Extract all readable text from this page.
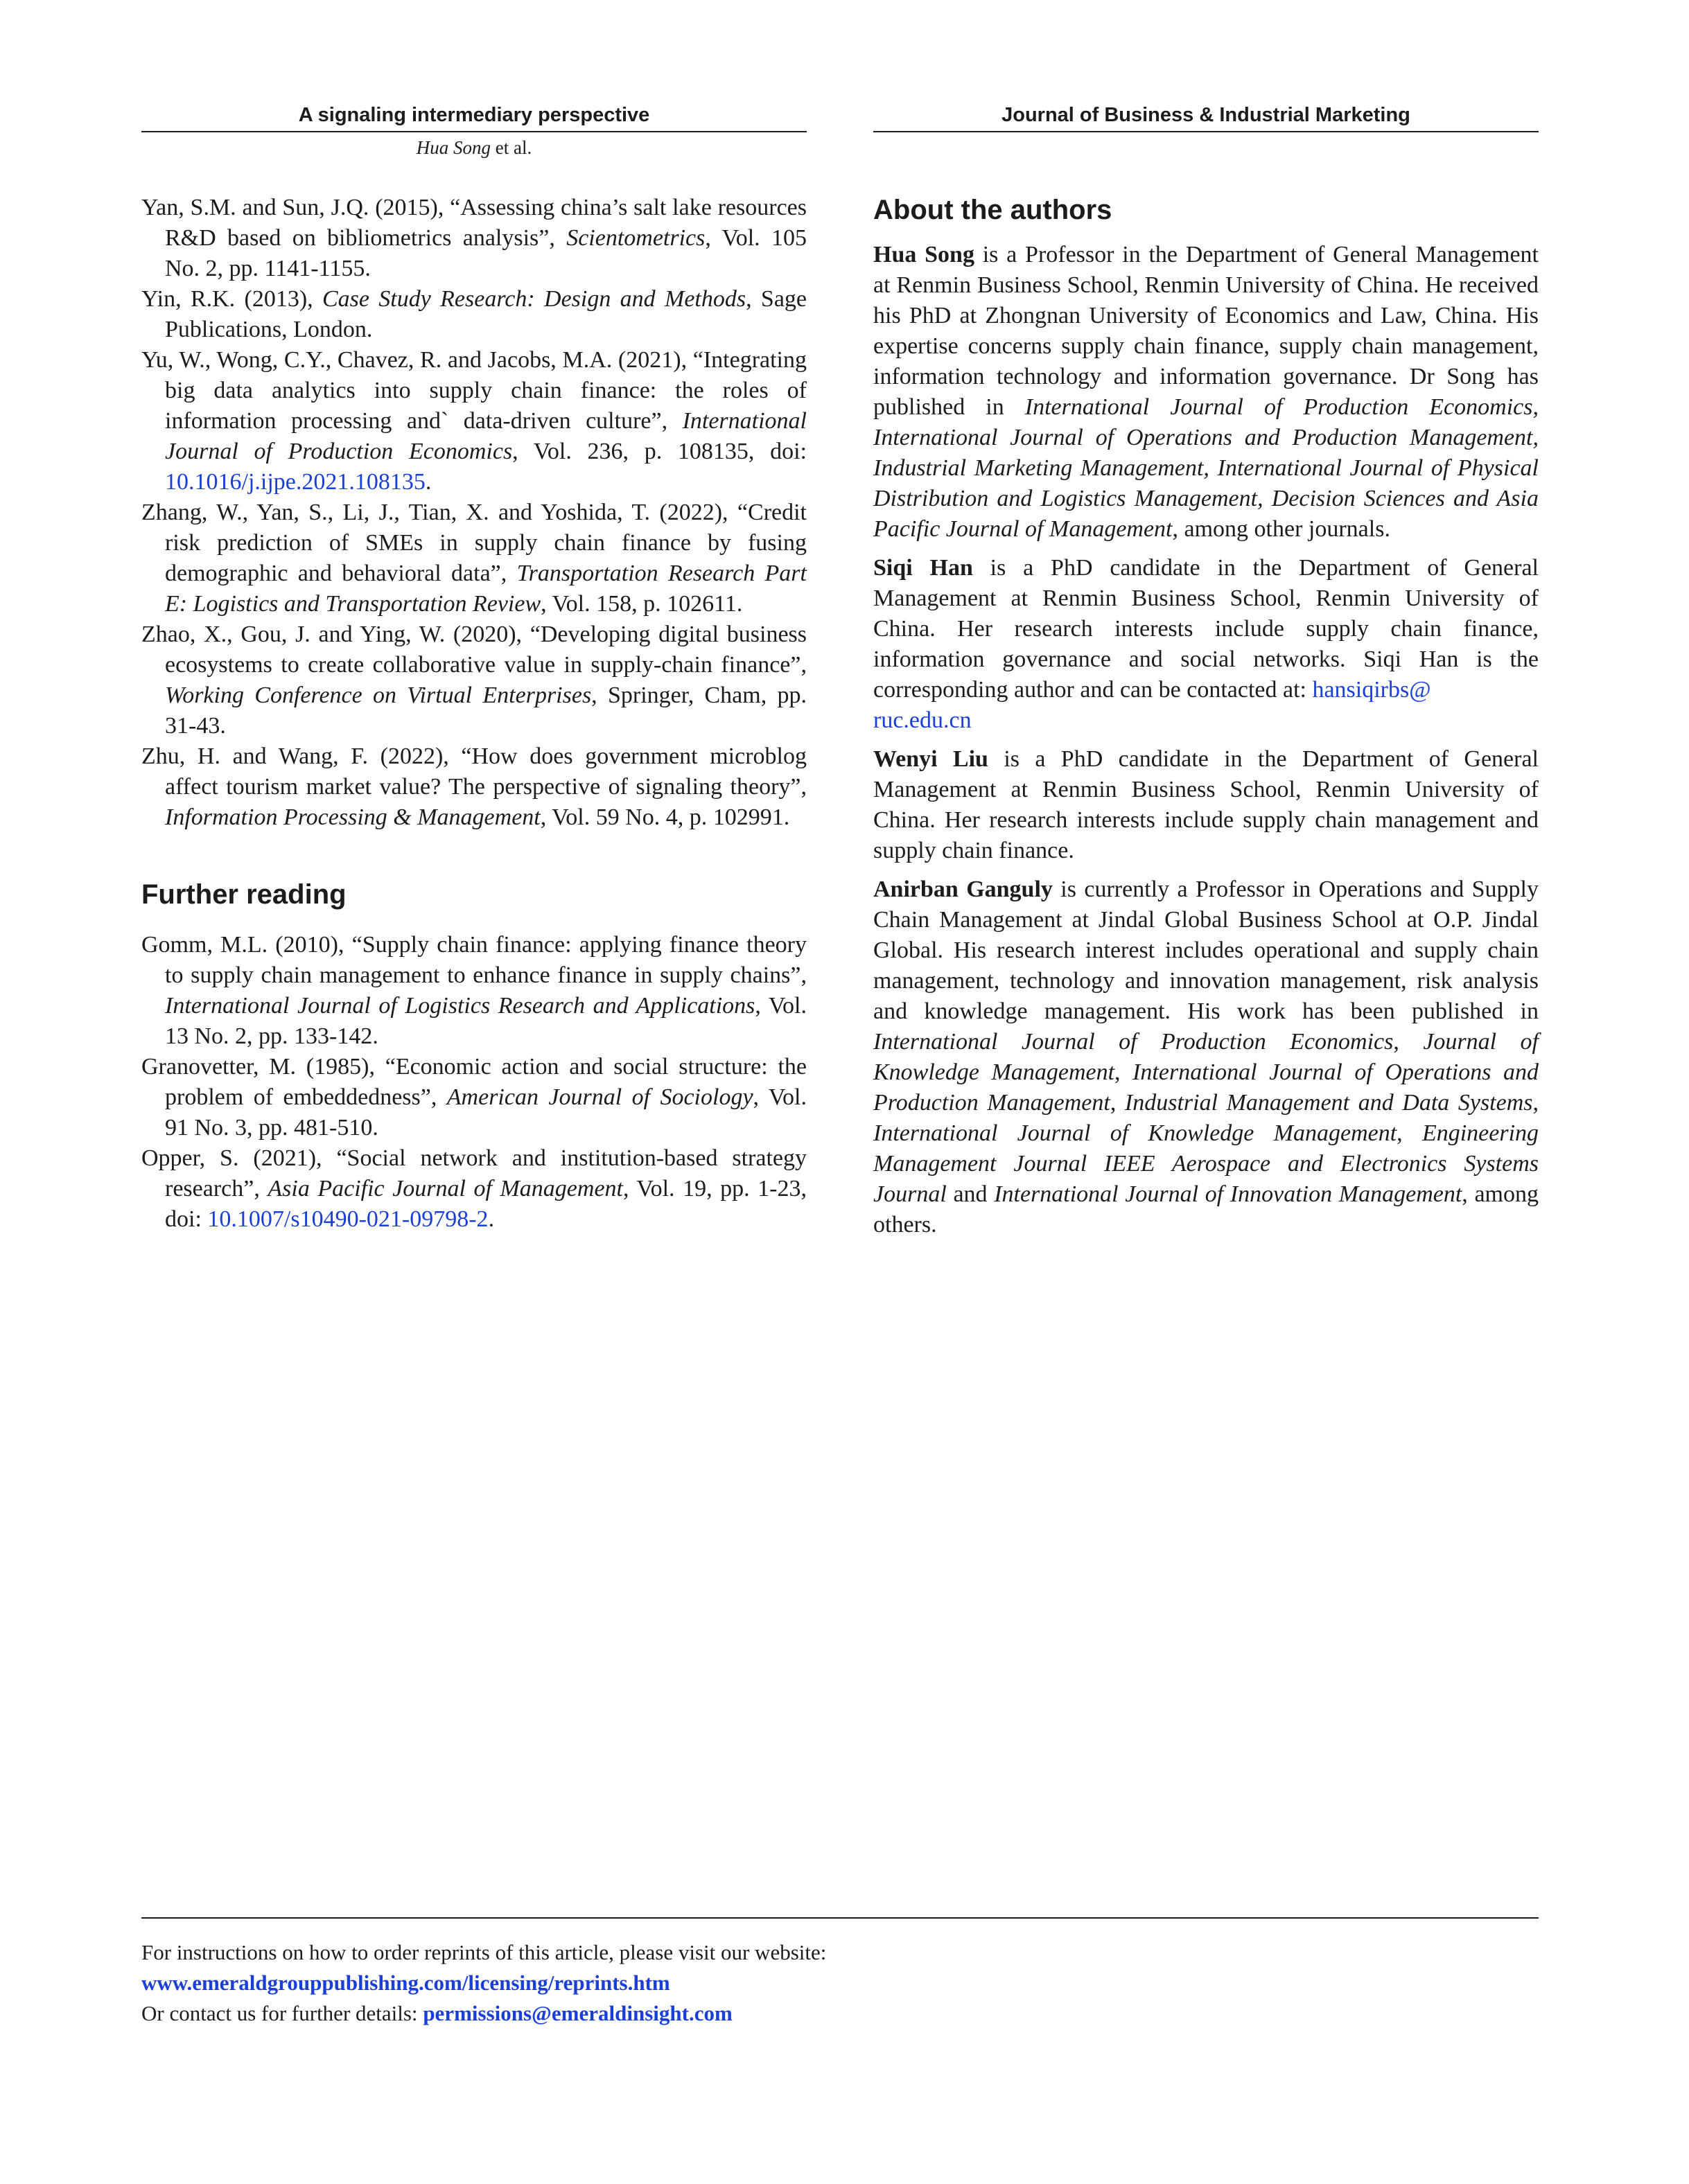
A signaling intermediary perspective
Hua Song et al.
Journal of Business & Industrial Marketing

Yan, S.M. and Sun, J.Q. (2015), “Assessing china’s salt lake resources R&D based on bibliometrics analysis”, Scientometrics, Vol. 105 No. 2, pp. 1141-1155.

Yin, R.K. (2013), Case Study Research: Design and Methods, Sage Publications, London.

Yu, W., Wong, C.Y., Chavez, R. and Jacobs, M.A. (2021), “Integrating big data analytics into supply chain finance: the roles of information processing and` data-driven culture”, International Journal of Production Economics, Vol. 236, p. 108135, doi: 10.1016/j.ijpe.2021.108135.

Zhang, W., Yan, S., Li, J., Tian, X. and Yoshida, T. (2022), “Credit risk prediction of SMEs in supply chain finance by fusing demographic and behavioral data”, Transportation Research Part E: Logistics and Transportation Review, Vol. 158, p. 102611.

Zhao, X., Gou, J. and Ying, W. (2020), “Developing digital business ecosystems to create collaborative value in supply-chain finance”, Working Conference on Virtual Enterprises, Springer, Cham, pp. 31-43.

Zhu, H. and Wang, F. (2022), “How does government microblog affect tourism market value? The perspective of signaling theory”, Information Processing & Management, Vol. 59 No. 4, p. 102991.

Further reading

Gomm, M.L. (2010), “Supply chain finance: applying finance theory to supply chain management to enhance finance in supply chains”, International Journal of Logistics Research and Applications, Vol. 13 No. 2, pp. 133-142.

Granovetter, M. (1985), “Economic action and social structure: the problem of embeddedness”, American Journal of Sociology, Vol. 91 No. 3, pp. 481-510.

Opper, S. (2021), “Social network and institution-based strategy research”, Asia Pacific Journal of Management, Vol. 19, pp. 1-23, doi: 10.1007/s10490-021-09798-2.

About the authors

Hua Song is a Professor in the Department of General Management at Renmin Business School, Renmin University of China. He received his PhD at Zhongnan University of Economics and Law, China. His expertise concerns supply chain finance, supply chain management, information technology and information governance. Dr Song has published in International Journal of Production Economics, International Journal of Operations and Production Management, Industrial Marketing Management, International Journal of Physical Distribution and Logistics Management, Decision Sciences and Asia Pacific Journal of Management, among other journals.

Siqi Han is a PhD candidate in the Department of General Management at Renmin Business School, Renmin University of China. Her research interests include supply chain finance, information governance and social networks. Siqi Han is the corresponding author and can be contacted at: hansiqirbs@
ruc.edu.cn

Wenyi Liu is a PhD candidate in the Department of General Management at Renmin Business School, Renmin University of China. Her research interests include supply chain management and supply chain finance.

Anirban Ganguly is currently a Professor in Operations and Supply Chain Management at Jindal Global Business School at O.P. Jindal Global. His research interest includes operational and supply chain management, technology and innovation management, risk analysis and knowledge management. His work has been published in International Journal of Production Economics, Journal of Knowledge Management, International Journal of Operations and Production Management, Industrial Management and Data Systems, International Journal of Knowledge Management, Engineering Management Journal IEEE Aerospace and Electronics Systems Journal and International Journal of Innovation Management, among others.

For instructions on how to order reprints of this article, please visit our website:
www.emeraldgrouppublishing.com/licensing/reprints.htm
Or contact us for further details: permissions@emeraldinsight.com
